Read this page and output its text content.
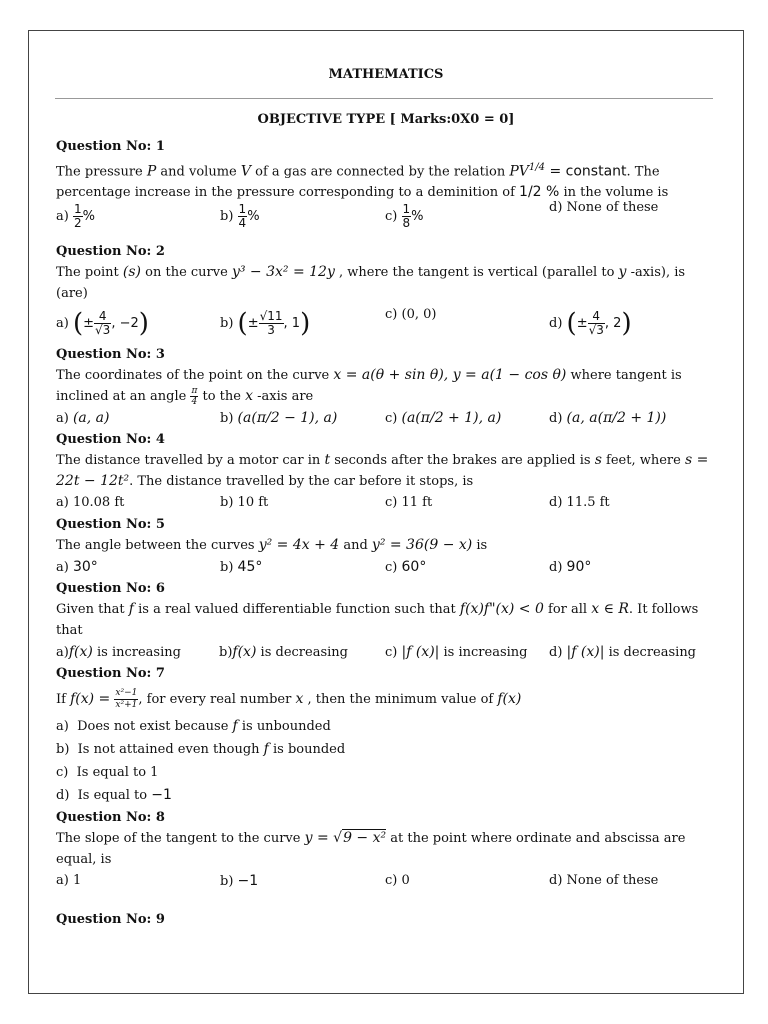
MATHEMATICS
OBJECTIVE TYPE [ Marks:0X0 = 0]
Question No: 1
The pressure P and volume V of a gas are connected by the relation $PV^{1/4}$ = constant. The percentage increase in the pressure corresponding to a deminition of 1/2 % in the volume is
$a) \frac{1}{2}$ %	$b) \frac{1}{4}$ %	$c) \frac{1}{8}$ %
d) None of these
Question No: 2
The point (s) on the curve y³ − 3x² = 12y , where the tangent is vertical (parallel to y -axis), is (are)
a) (± $\frac{4}{√3}$ , −2)	b) (± $\frac{√11}{3}$ , 1)	c) (0, 0)
d) (± $\frac{4}{√3}$ , 2)
Question No: 3
The coordinates of the point on the curve x = a(θ + sin θ), y = a(1 − cos θ) where tangent is inclined at an angle $\frac{\pi}{4}$ to the x -axis are
a) (a, a)	b) (a(π/2 − 1), a)	c) (a(π/2 + 1), a)	d) (a, a(π/2 + 1))
Question No: 4
The distance travelled by a motor car in t seconds after the brakes are applied is s feet, where s = 22t − 12t². The distance travelled by the car before it stops, is
a) 10.08 ft	b) 10 ft	c) 11 ft	d) 11.5 ft
Question No: 5
The angle between the curves y² = 4x + 4 and y² = 36(9 − x) is
a) 30°	b) 45°	c) 60°	d) 90°
Question No: 6
Given that f is a real valued differentiable function such that f(x)f"(x) < 0 for all x ∈ R. It follows that
a)f(x) is increasing	b)f(x) is decreasing	c) |f (x)| is increasing d) |f (x)| is decreasing
Question No: 7
If $f(x) = \frac{\text{x²−1}}{\text{x²+1}}$ , for every real number x , then the minimum value of f(x)
a) Does not exist because f is unbounded
b) Is not attained even though f is bounded
c) Is equal to 1
d) Is equal to −1
Question No: 8
The slope of the tangent to the curve y = √9 − x² at the point where ordinate and abscissa are equal, is
a) 1	b) −1	c) 0	d) None of these
Question No: 9
